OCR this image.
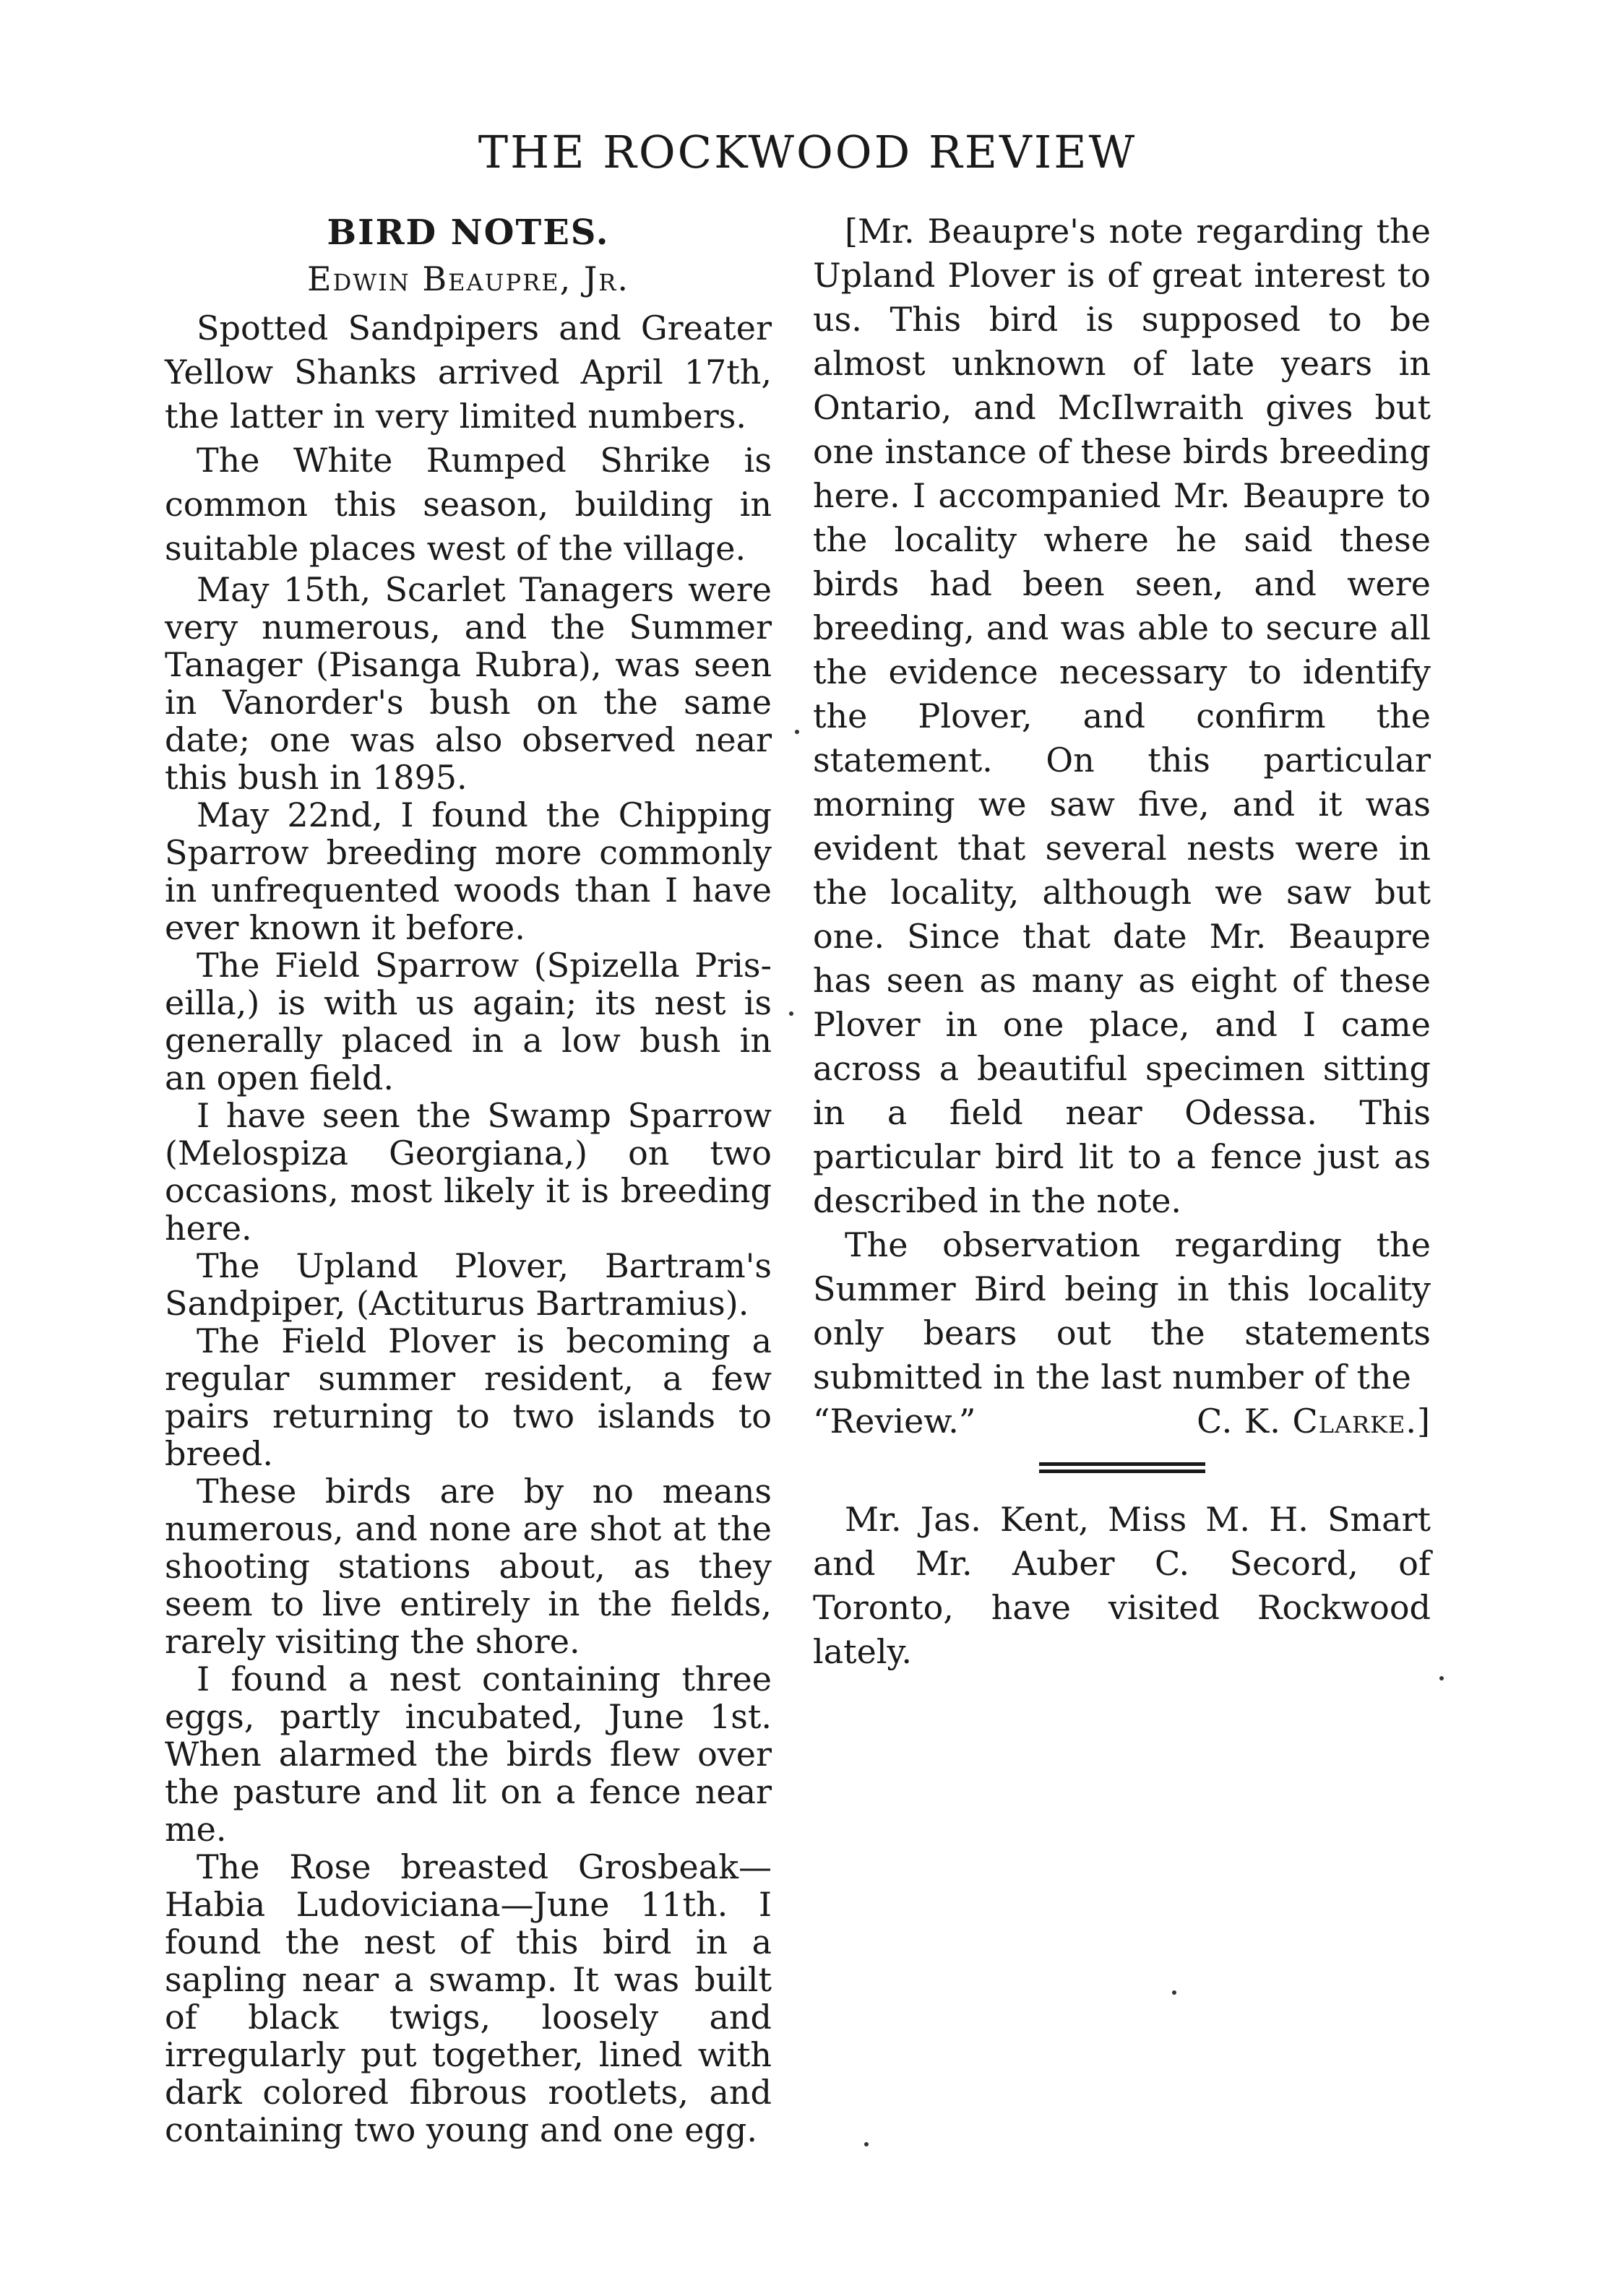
THE ROCKWOOD REVIEW
BIRD NOTES.
Edwin Beaupre, Jr.

Spotted Sandpipers and Greater Yellow Shanks arrived April 17th, the latter in very limited numbers.

The White Rumped Shrike is common this season, building in suitable places west of the village.

May 15th, Scarlet Tanagers were very numerous, and the Summer Tanager (Pisanga Rubra), was seen in Vanorder's bush on the same date; one was also observed near this bush in 1895.

May 22nd, I found the Chipping Sparrow breeding more commonly in unfrequented woods than I have ever known it before.

The Field Sparrow (Spizella Pris-eilla,) is with us again; its nest is generally placed in a low bush in an open field.

I have seen the Swamp Sparrow (Melospiza Georgiana,) on two occasions, most likely it is breeding here.

The Upland Plover, Bartram's Sandpiper, (Actiturus Bartramius).

The Field Plover is becoming a regular summer resident, a few pairs returning to two islands to breed.

These birds are by no means numerous, and none are shot at the shooting stations about, as they seem to live entirely in the fields, rarely visiting the shore.

I found a nest containing three eggs, partly incubated, June 1st. When alarmed the birds flew over the pasture and lit on a fence near me.

The Rose breasted Grosbeak—Habia Ludoviciana—June 11th. I found the nest of this bird in a sapling near a swamp. It was built of black twigs, loosely and irregularly put together, lined with dark colored fibrous rootlets, and containing two young and one egg.

[Mr. Beaupre's note regarding the Upland Plover is of great interest to us. This bird is supposed to be almost unknown of late years in Ontario, and McIlwraith gives but one instance of these birds breeding here. I accompanied Mr. Beaupre to the locality where he said these birds had been seen, and were breeding, and was able to secure all the evidence necessary to identify the Plover, and confirm the statement. On this particular morning we saw five, and it was evident that several nests were in the locality, although we saw but one. Since that date Mr. Beaupre has seen as many as eight of these Plover in one place, and I came across a beautiful specimen sitting in a field near Odessa. This particular bird lit to a fence just as described in the note.

The observation regarding the Summer Bird being in this locality only bears out the statements submitted in the last number of the

“Review.”	C. K. Clarke.]

Mr. Jas. Kent, Miss M. H. Smart and Mr. Auber C. Secord, of Toronto, have visited Rockwood lately.
